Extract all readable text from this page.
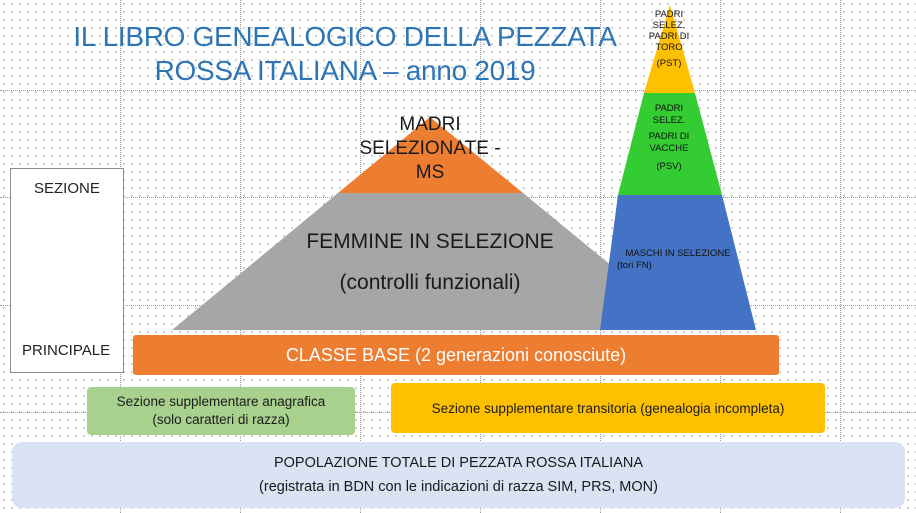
IL LIBRO GENEALOGICO DELLA PEZZATA
ROSSA ITALIANA – anno 2019
SEZIONE
PRINCIPALE
MADRI
SELEZIONATE -
MS
FEMMINE IN SELEZIONE
(controlli funzionali)
PADRI
SELEZ.
PADRI DI
TORO
(PST)
PADRI
SELEZ.
PADRI DI
VACCHE
(PSV)
MASCHI IN SELEZIONE
(tori FN)
CLASSE BASE (2 generazioni conosciute)
Sezione supplementare anagrafica
(solo caratteri di razza)
Sezione supplementare transitoria (genealogia incompleta)
POPOLAZIONE TOTALE DI PEZZATA ROSSA ITALIANA
(registrata in BDN con le indicazioni di razza SIM, PRS, MON)
